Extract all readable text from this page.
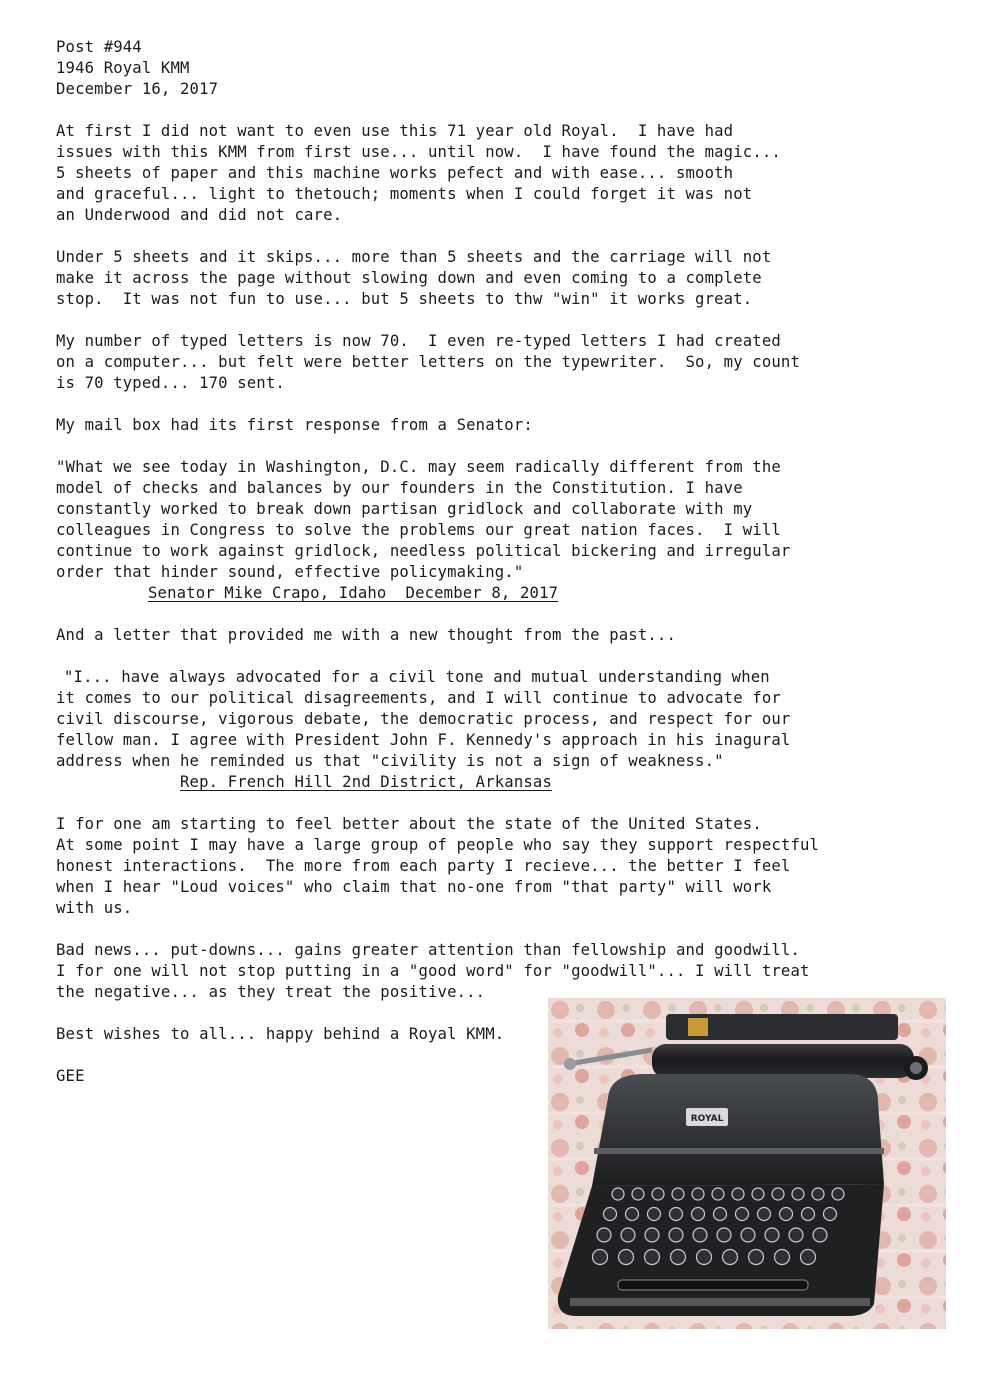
Post #944
1946 Royal KMM
December 16, 2017
At first I did not want to even use this 71 year old Royal.  I have had
issues with this KMM from first use... until now.  I have found the magic...
5 sheets of paper and this machine works pefect and with ease... smooth
and graceful... light to thetouch; moments when I could forget it was not
an Underwood and did not care.
Under 5 sheets and it skips... more than 5 sheets and the carriage will not
make it across the page without slowing down and even coming to a complete
stop.  It was not fun to use... but 5 sheets to thw "win" it works great.
My number of typed letters is now 70.  I even re-typed letters I had created
on a computer... but felt were better letters on the typewriter.  So, my count
is 70 typed... 170 sent.
My mail box had its first response from a Senator:
"What we see today in Washington, D.C. may seem radically different from the
model of checks and balances by our founders in the Constitution. I have
constantly worked to break down partisan gridlock and collaborate with my
colleagues in Congress to solve the problems our great nation faces.  I will
continue to work against gridlock, needless political bickering and irregular
order that hinder sound, effective policymaking."
Senator Mike Crapo, Idaho  December 8, 2017
And a letter that provided me with a new thought from the past...
"I... have always advocated for a civil tone and mutual understanding when
it comes to our political disagreements, and I will continue to advocate for
civil discourse, vigorous debate, the democratic process, and respect for our
fellow man. I agree with President John F. Kennedy's approach in his inagural
address when he reminded us that "civility is not a sign of weakness."
Rep. French Hill 2nd District, Arkansas
I for one am starting to feel better about the state of the United States.
At some point I may have a large group of people who say they support respectful
honest interactions.  The more from each party I recieve... the better I feel
when I hear "Loud voices" who claim that no-one from "that party" will work
with us.
Bad news... put-downs... gains greater attention than fellowship and goodwill.
I for one will not stop putting in a "good word" for "goodwill"... I will treat
the negative... as they treat the positive...
Best wishes to all... happy behind a Royal KMM.
GEE
ROYAL
